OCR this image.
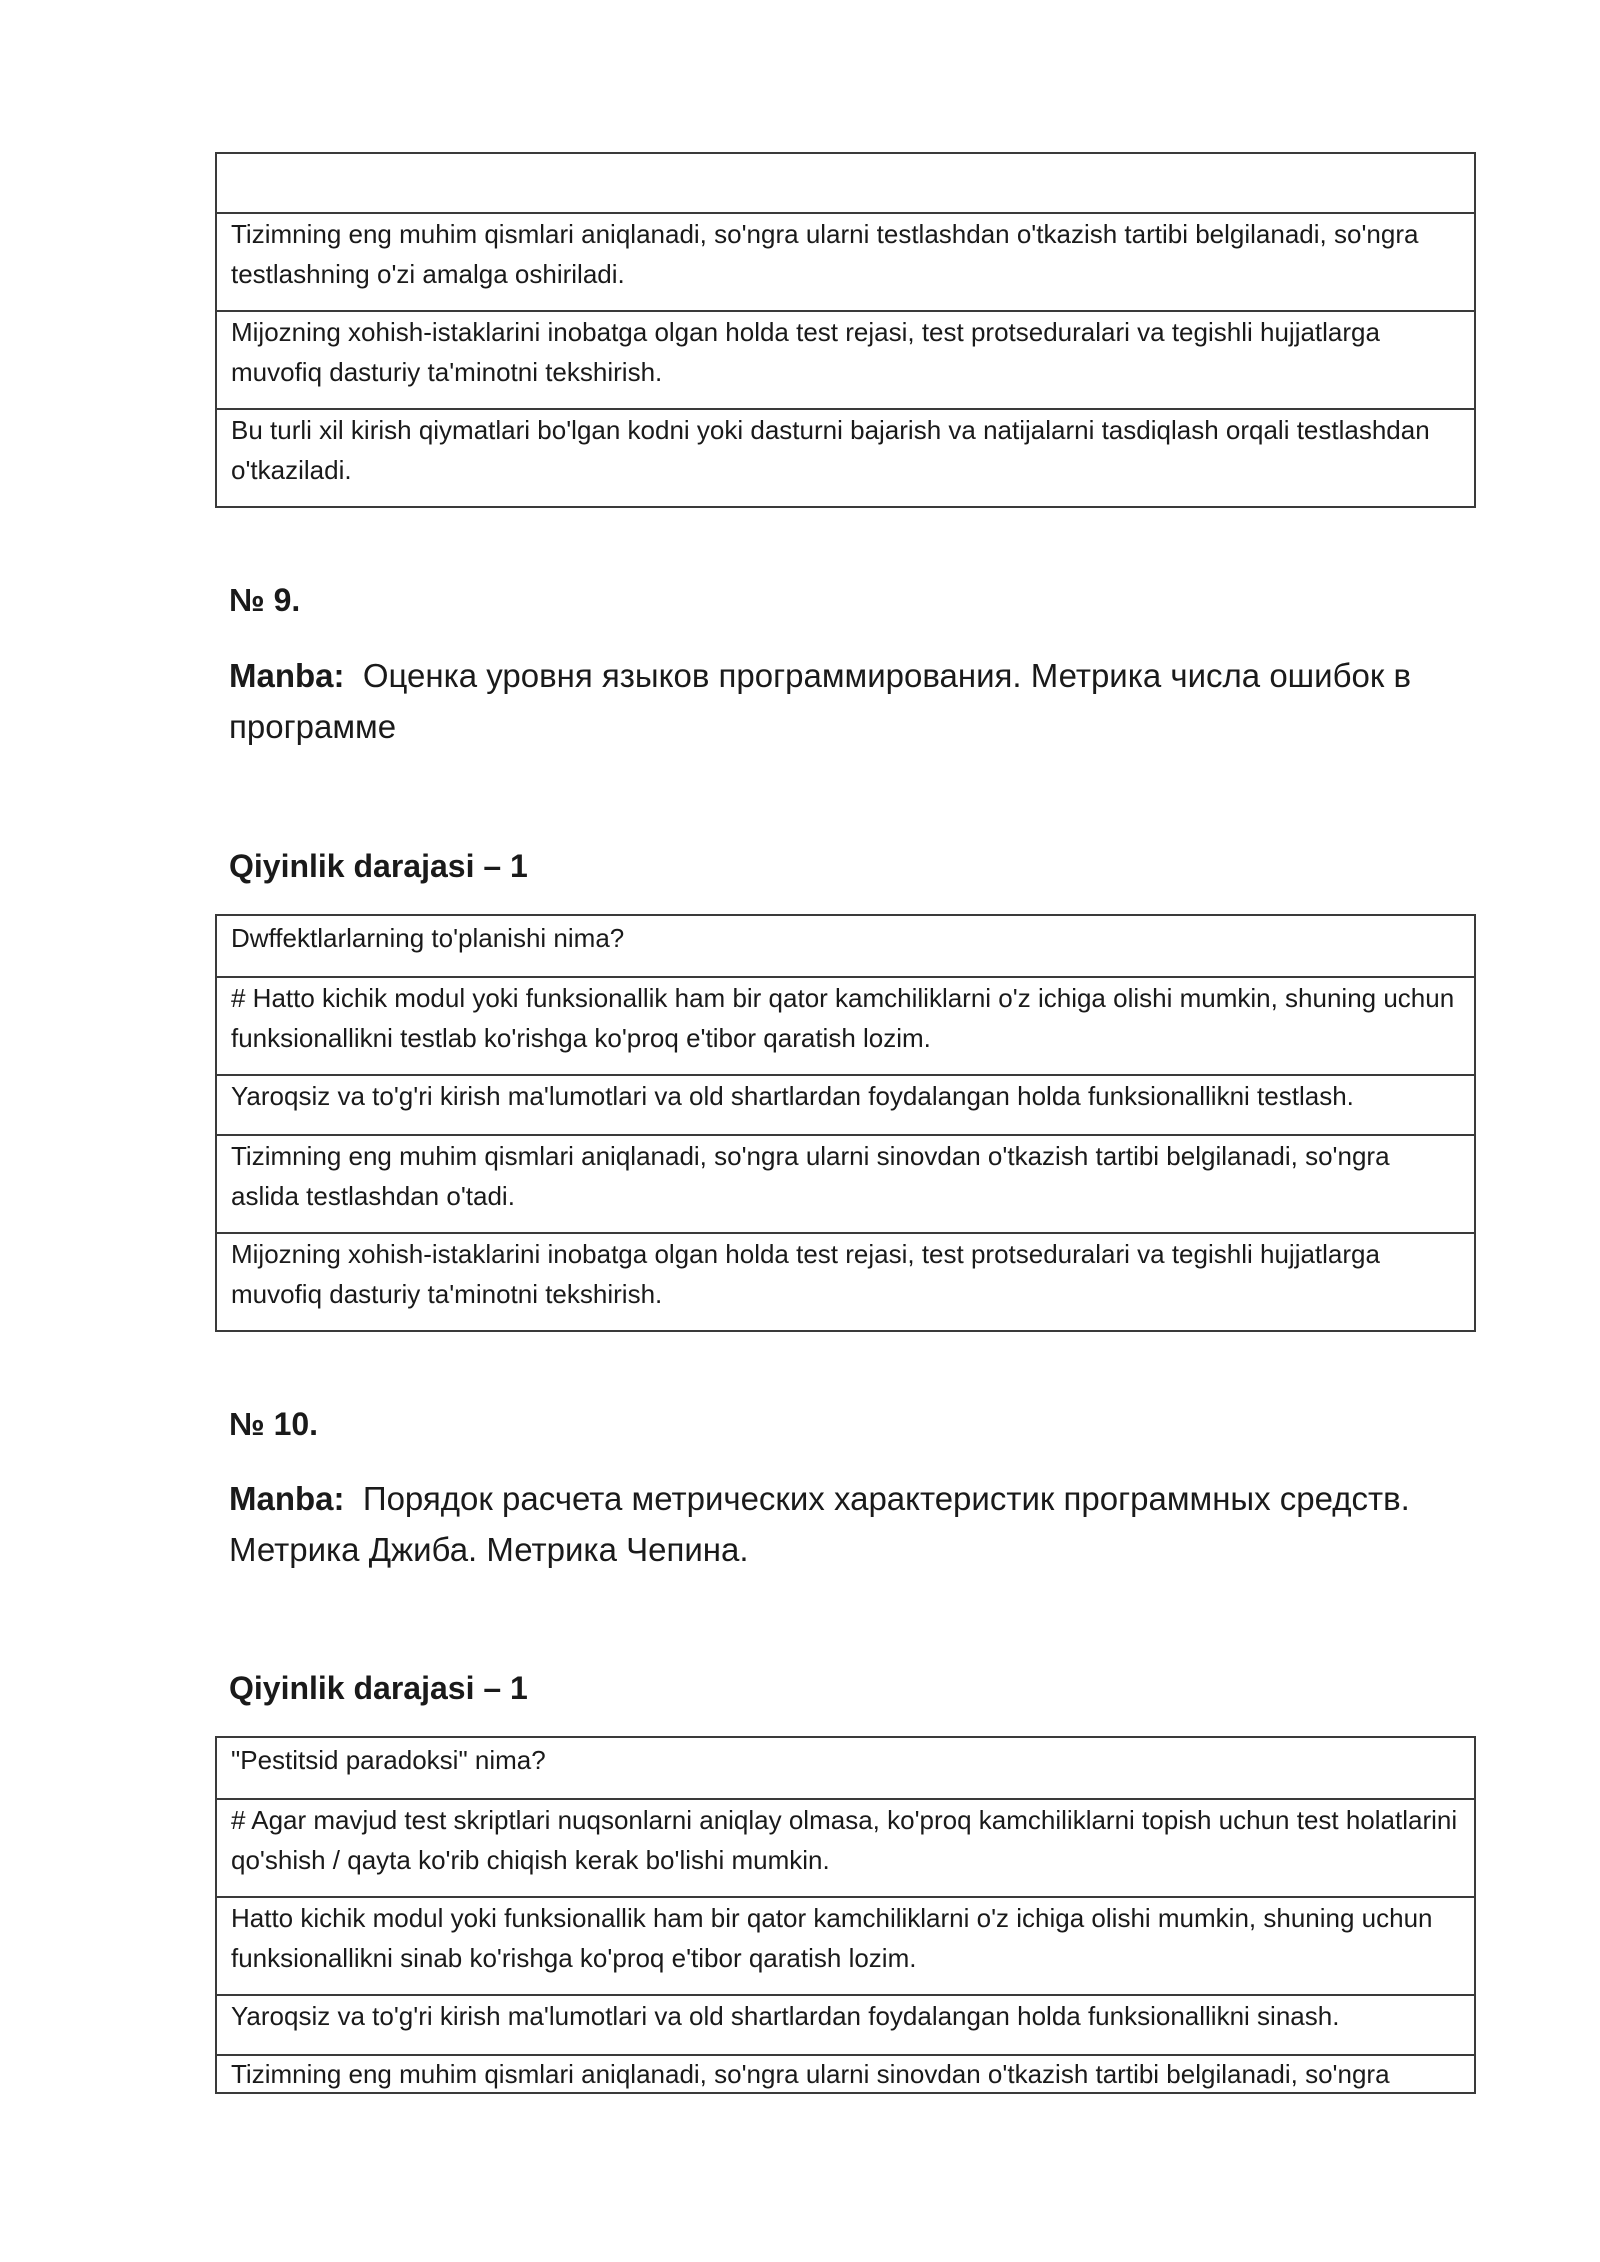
Tizimning eng muhim qismlari aniqlanadi, so'ngra ularni testlashdan o'tkazish tartibi belgilanadi, so'ngra testlashning o'zi amalga oshiriladi.
Mijozning xohish-istaklarini inobatga olgan holda test rejasi, test protseduralari va tegishli hujjatlarga muvofiq dasturiy ta'minotni tekshirish.
Bu turli xil kirish qiymatlari bo'lgan kodni yoki dasturni bajarish va natijalarni tasdiqlash orqali testlashdan o'tkaziladi.
№ 9.
Manba: Оценка уровня языков программирования. Метрика числа ошибок в программе
Qiyinlik darajasi – 1
Dwffektlarlarning to'planishi nima?
# Hatto kichik modul yoki funksionallik ham bir qator kamchiliklarni o'z ichiga olishi mumkin, shuning uchun funksionallikni testlab ko'rishga ko'proq e'tibor qaratish lozim.
Yaroqsiz va to'g'ri kirish ma'lumotlari va old shartlardan foydalangan holda funksionallikni testlash.
Tizimning eng muhim qismlari aniqlanadi, so'ngra ularni sinovdan o'tkazish tartibi belgilanadi, so'ngra aslida testlashdan o'tadi.
Mijozning xohish-istaklarini inobatga olgan holda test rejasi, test protseduralari va tegishli hujjatlarga muvofiq dasturiy ta'minotni tekshirish.
№ 10.
Manba: Порядок расчета метрических характеристик программных средств. Метрика Джиба. Метрика Чепина.
Qiyinlik darajasi – 1
"Pestitsid paradoksi" nima?
# Agar mavjud test skriptlari nuqsonlarni aniqlay olmasa, ko'proq kamchiliklarni topish uchun test holatlarini qo'shish / qayta ko'rib chiqish kerak bo'lishi mumkin.
Hatto kichik modul yoki funksionallik ham bir qator kamchiliklarni o'z ichiga olishi mumkin, shuning uchun funksionallikni sinab ko'rishga ko'proq e'tibor qaratish lozim.
Yaroqsiz va to'g'ri kirish ma'lumotlari va old shartlardan foydalangan holda funksionallikni sinash.
Tizimning eng muhim qismlari aniqlanadi, so'ngra ularni sinovdan o'tkazish tartibi belgilanadi, so'ngra
